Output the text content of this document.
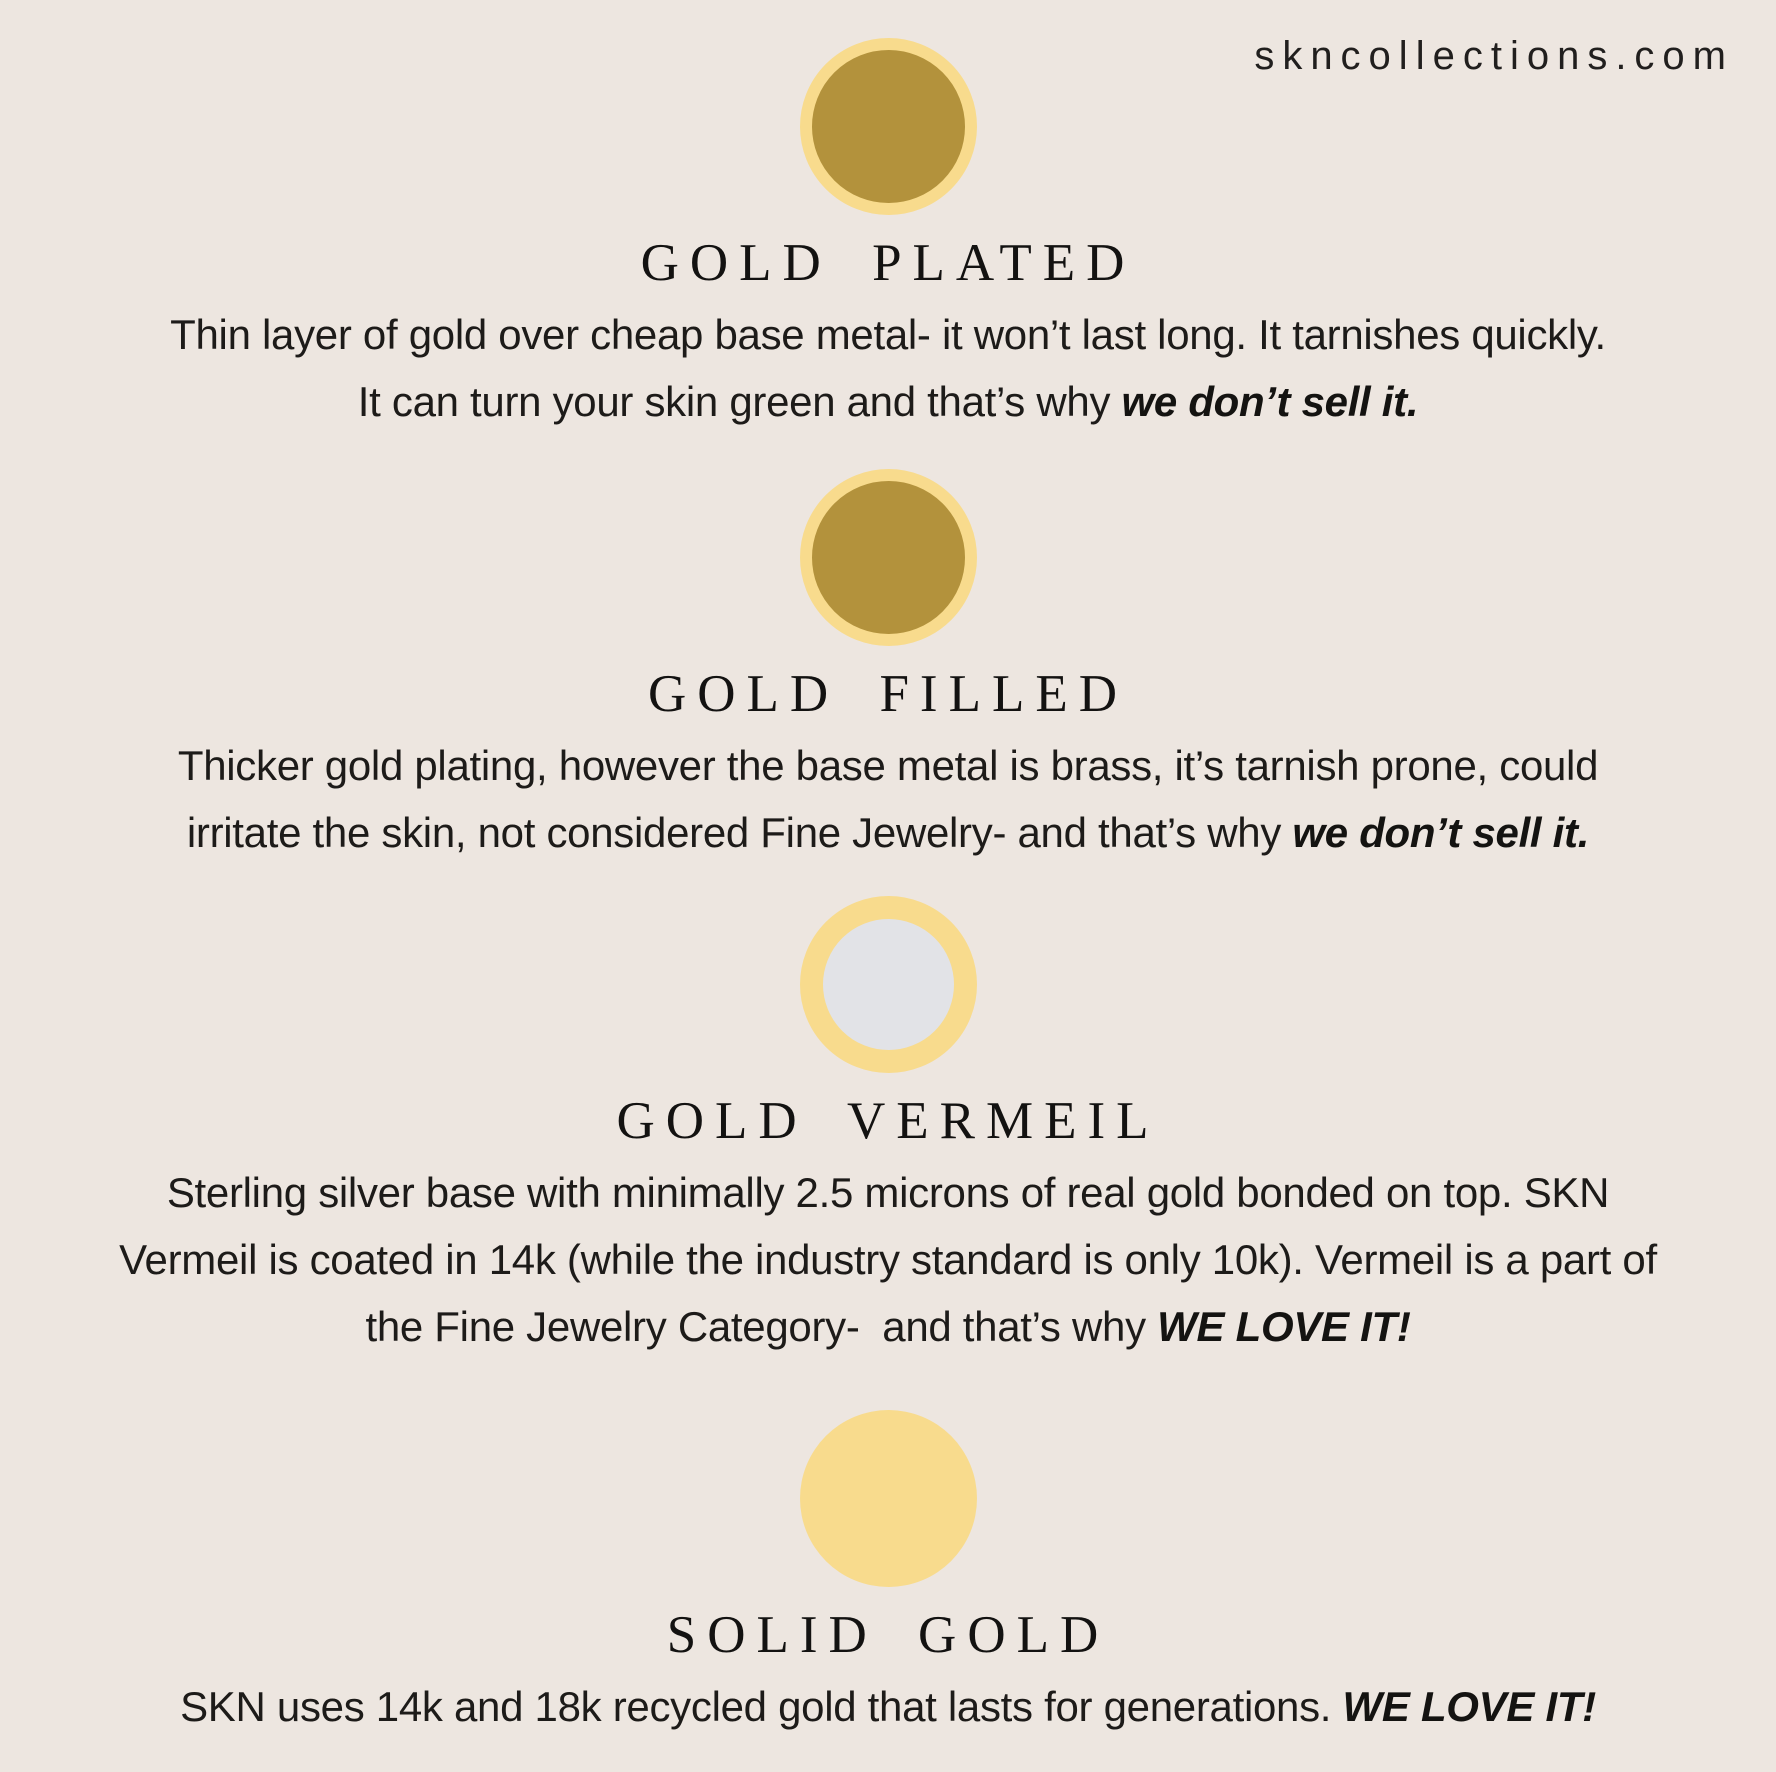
skncollections.com
GOLD PLATED
Thin layer of gold over cheap base metal- it won’t last long. It tarnishes quickly.
It can turn your skin green and that’s why we don’t sell it.
GOLD FILLED
Thicker gold plating, however the base metal is brass, it’s tarnish prone, could
irritate the skin, not considered Fine Jewelry- and that’s why we don’t sell it.
GOLD VERMEIL
Sterling silver base with minimally 2.5 microns of real gold bonded on top. SKN
Vermeil is coated in 14k (while the industry standard is only 10k). Vermeil is a part of
the Fine Jewelry Category-  and that’s why WE LOVE IT!
SOLID GOLD
SKN uses 14k and 18k recycled gold that lasts for generations. WE LOVE IT!
